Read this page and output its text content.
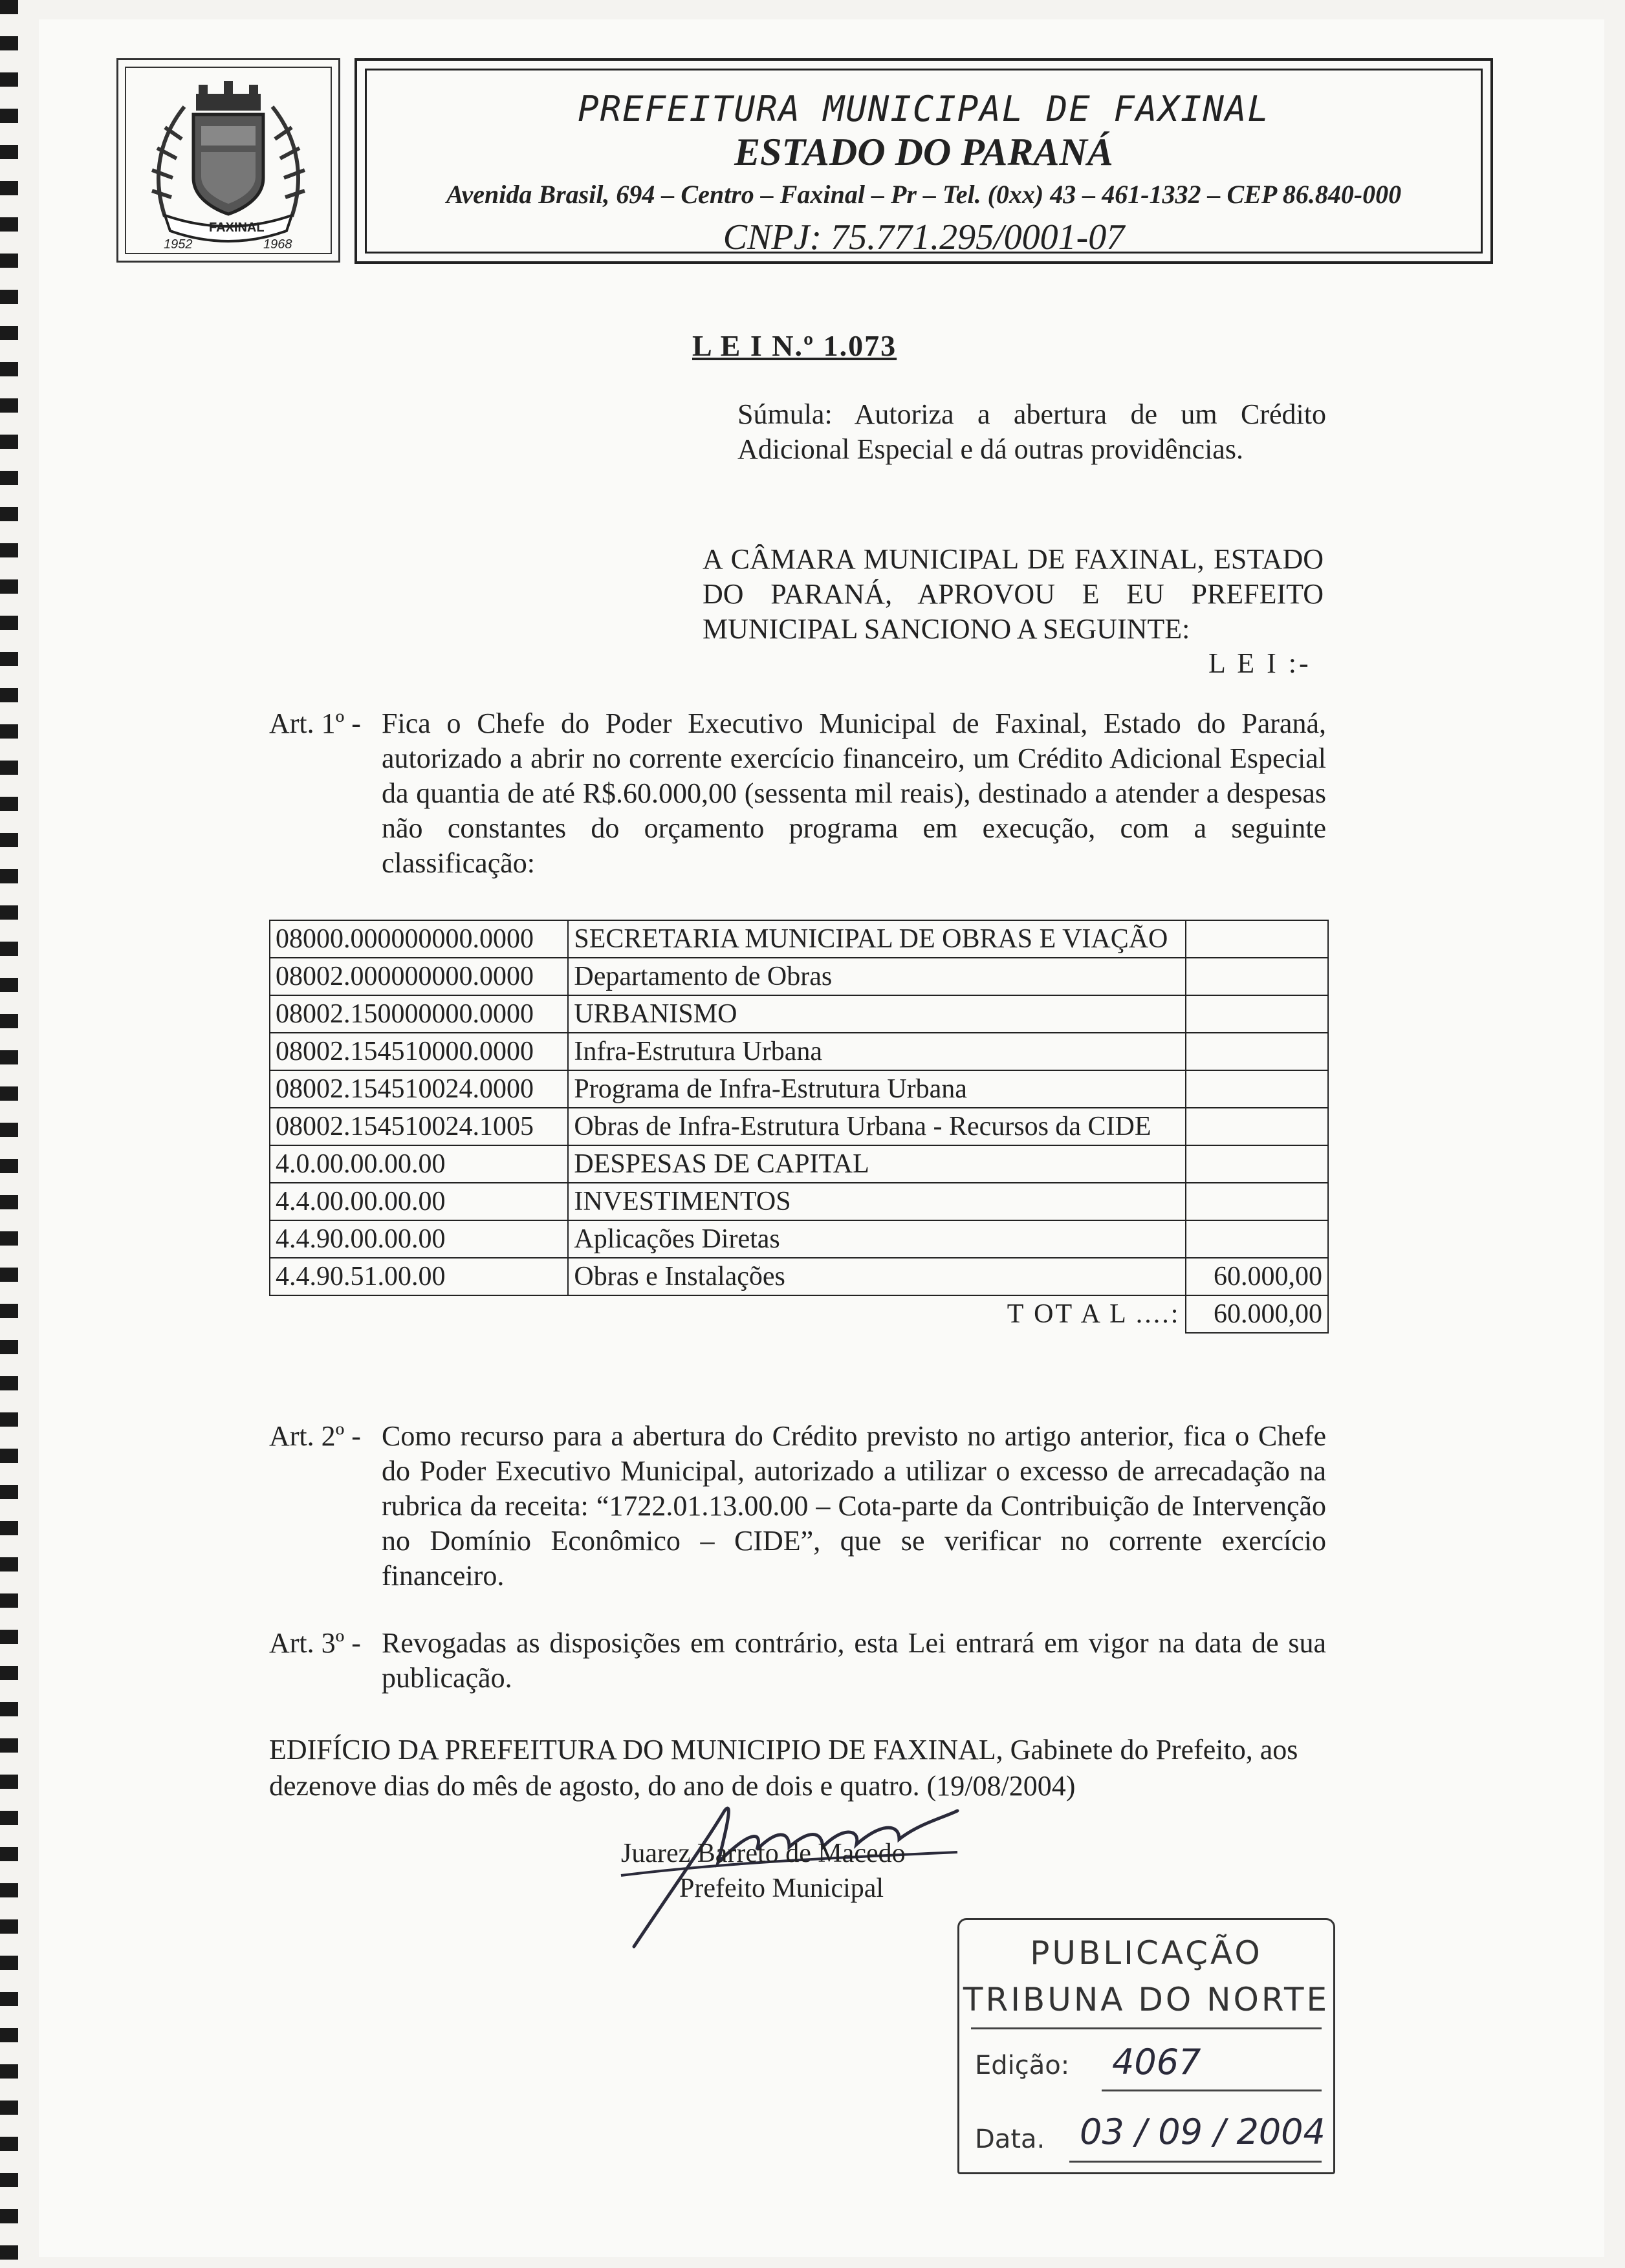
FAXINAL
1952	1968
PREFEITURA MUNICIPAL DE FAXINAL
ESTADO DO PARANÁ
Avenida Brasil, 694 – Centro – Faxinal – Pr – Tel. (0xx) 43 – 461-1332 – CEP 86.840-000
CNPJ: 75.771.295/0001-07
L E I N.º 1.073
Súmula: Autoriza a abertura de um Crédito Adicional Especial e dá outras providências.
A CÂMARA MUNICIPAL DE FAXINAL, ESTADO DO PARANÁ, APROVOU E EU PREFEITO MUNICIPAL SANCIONO A SEGUINTE:
L E I :-
Art. 1º - Fica o Chefe do Poder Executivo Municipal de Faxinal, Estado do Paraná, autorizado a abrir no corrente exercício financeiro, um Crédito Adicional Especial da quantia de até R$.60.000,00 (sessenta mil reais), destinado a atender a despesas não constantes do orçamento programa em execução, com a seguinte classificação:
08000.000000000.0000	SECRETARIA MUNICIPAL DE OBRAS E VIAÇÃO	
08002.000000000.0000	Departamento de Obras	
08002.150000000.0000	URBANISMO	
08002.154510000.0000	Infra-Estrutura Urbana	
08002.154510024.0000	Programa de Infra-Estrutura Urbana	
08002.154510024.1005	Obras de Infra-Estrutura Urbana - Recursos da CIDE	
4.0.00.00.00.00	DESPESAS DE CAPITAL	
4.4.00.00.00.00	INVESTIMENTOS	
4.4.90.00.00.00	Aplicações Diretas	
4.4.90.51.00.00	Obras e Instalações	60.000,00
T OT A L ....:		60.000,00
Art. 2º - Como recurso para a abertura do Crédito previsto no artigo anterior, fica o Chefe do Poder Executivo Municipal, autorizado a utilizar o excesso de arrecadação na rubrica da receita: “1722.01.13.00.00 – Cota-parte da Contribuição de Intervenção no Domínio Econômico – CIDE”, que se verificar no corrente exercício financeiro.
Art. 3º - Revogadas as disposições em contrário, esta Lei entrará em vigor na data de sua publicação.
EDIFÍCIO DA PREFEITURA DO MUNICIPIO DE FAXINAL, Gabinete do Prefeito, aos dezenove dias do mês de agosto, do ano de dois e quatro. (19/08/2004)
Juarez Barreto de Macedo
Prefeito Municipal
PUBLICAÇÃO
TRIBUNA DO NORTE
Edição: 4067
Data. 03 / 09 / 2004
